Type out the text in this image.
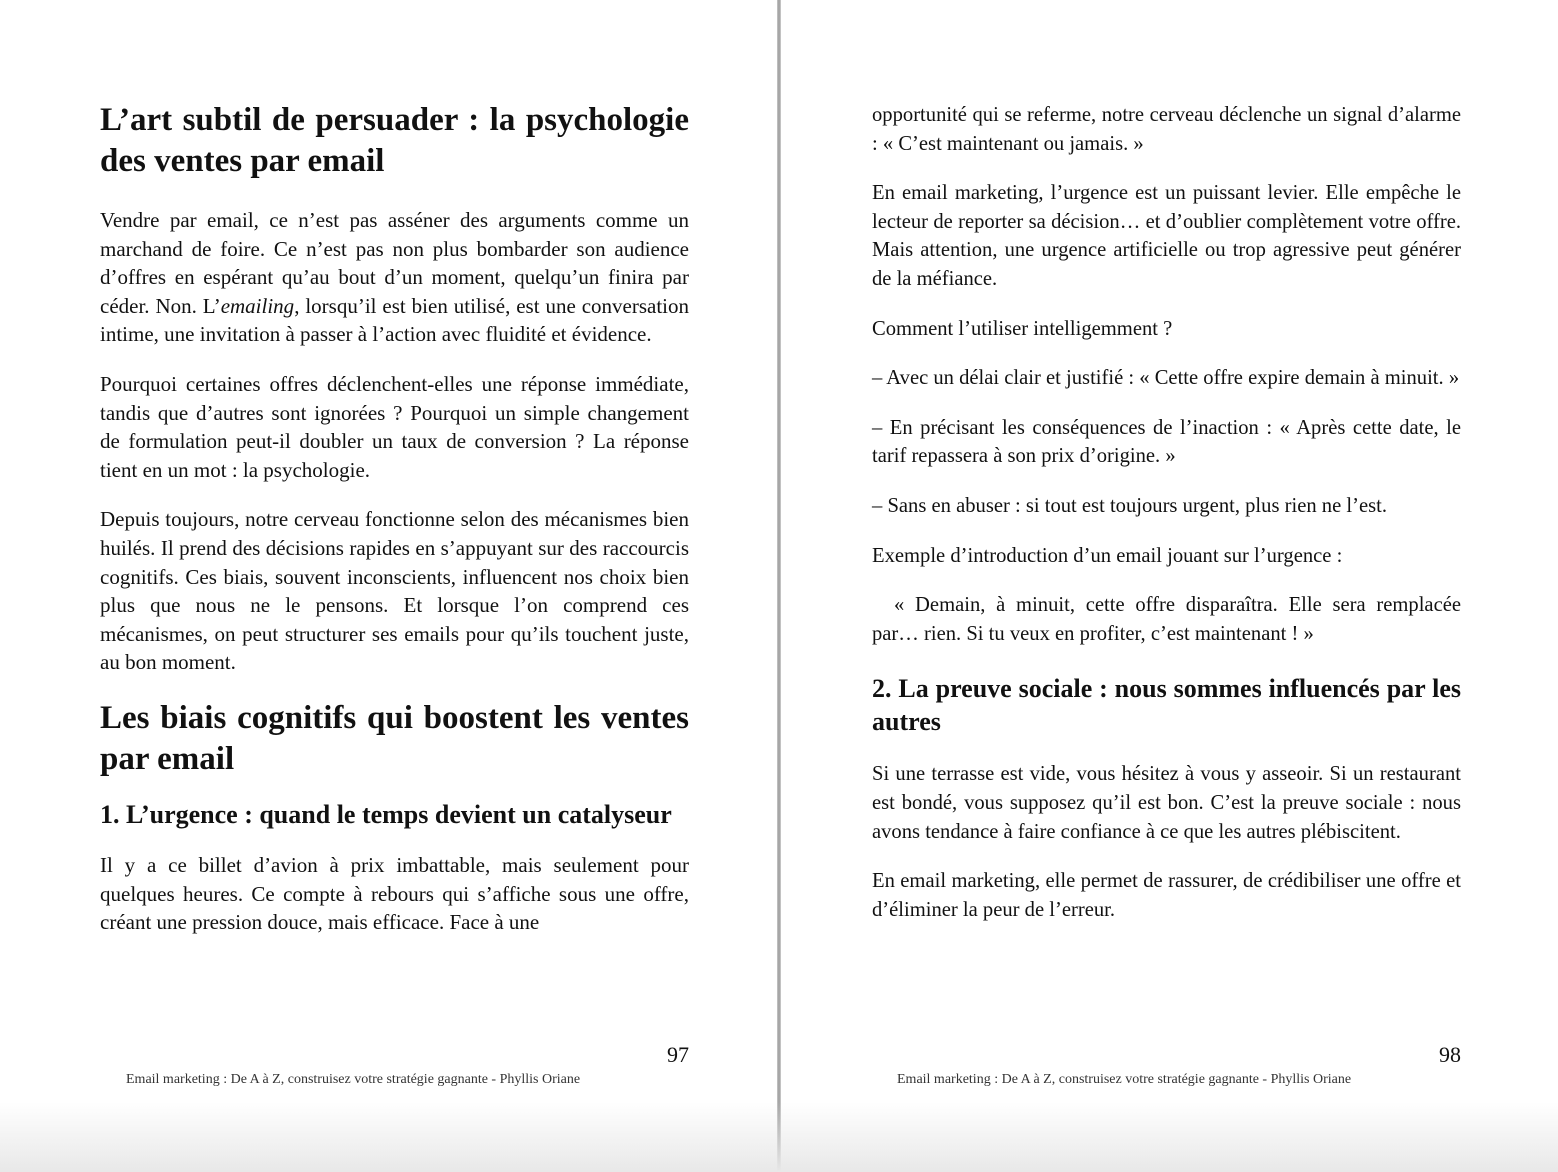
L’art subtil de persuader : la psychologie des ventes par email

Vendre par email, ce n’est pas asséner des arguments comme un marchand de foire. Ce n’est pas non plus bombarder son audience d’offres en espérant qu’au bout d’un moment, quelqu’un finira par céder. Non. L’emailing, lorsqu’il est bien utilisé, est une conversation intime, une invitation à passer à l’action avec fluidité et évidence.

Pourquoi certaines offres déclenchent-elles une réponse immédiate, tandis que d’autres sont ignorées ? Pourquoi un simple changement de formulation peut-il doubler un taux de conversion ? La réponse tient en un mot : la psychologie.

Depuis toujours, notre cerveau fonctionne selon des mécanismes bien huilés. Il prend des décisions rapides en s’appuyant sur des raccourcis cognitifs. Ces biais, souvent inconscients, influencent nos choix bien plus que nous ne le pensons. Et lorsque l’on comprend ces mécanismes, on peut structurer ses emails pour qu’ils touchent juste, au bon moment.

Les biais cognitifs qui boostent les ventes par email
1. L’urgence : quand le temps devient un catalyseur

Il y a ce billet d’avion à prix imbattable, mais seulement pour quelques heures. Ce compte à rebours qui s’affiche sous une offre, créant une pression douce, mais efficace. Face à une

97
Email marketing : De A à Z, construisez votre stratégie gagnante - Phyllis Oriane

opportunité qui se referme, notre cerveau déclenche un signal d’alarme : « C’est maintenant ou jamais. »

En email marketing, l’urgence est un puissant levier. Elle empêche le lecteur de reporter sa décision… et d’oublier complètement votre offre. Mais attention, une urgence artificielle ou trop agressive peut générer de la méfiance.

Comment l’utiliser intelligemment ?

– Avec un délai clair et justifié : « Cette offre expire demain à minuit. »

– En précisant les conséquences de l’inaction : « Après cette date, le tarif repassera à son prix d’origine. »

– Sans en abuser : si tout est toujours urgent, plus rien ne l’est.

Exemple d’introduction d’un email jouant sur l’urgence :

« Demain, à minuit, cette offre disparaîtra. Elle sera remplacée par… rien. Si tu veux en profiter, c’est maintenant ! »

2. La preuve sociale : nous sommes influencés par les autres

Si une terrasse est vide, vous hésitez à vous y asseoir. Si un restaurant est bondé, vous supposez qu’il est bon. C’est la preuve sociale : nous avons tendance à faire confiance à ce que les autres plébiscitent.

En email marketing, elle permet de rassurer, de crédibiliser une offre et d’éliminer la peur de l’erreur.

98
Email marketing : De A à Z, construisez votre stratégie gagnante - Phyllis Oriane
